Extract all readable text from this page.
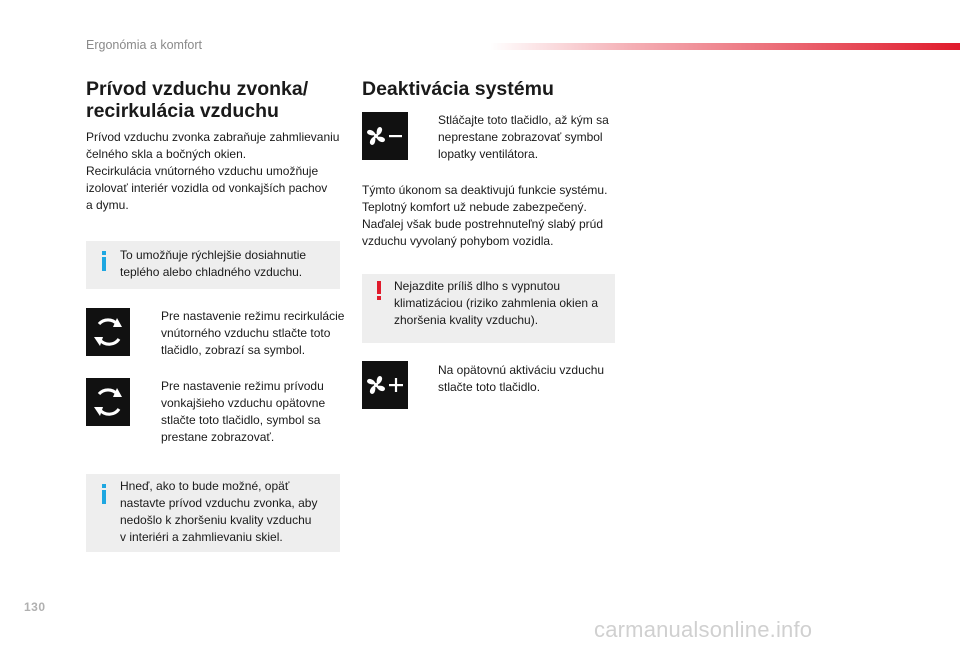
Ergonómia a komfort
Prívod vzduchu zvonka/
recirkulácia vzduchu
Prívod vzduchu zvonka zabraňuje zahmlievaniu
čelného skla a bočných okien.
Recirkulácia vnútorného vzduchu umožňuje
izolovať interiér vozidla od vonkajších pachov
a dymu.
To umožňuje rýchlejšie dosiahnutie
teplého alebo chladného vzduchu.
Pre nastavenie režimu recirkulácie
vnútorného vzduchu stlačte toto
tlačidlo, zobrazí sa symbol.
Pre nastavenie režimu prívodu
vonkajšieho vzduchu opätovne
stlačte toto tlačidlo, symbol sa
prestane zobrazovať.
Hneď, ako to bude možné, opäť
nastavte prívod vzduchu zvonka, aby
nedošlo k zhoršeniu kvality vzduchu
v interiéri a zahmlievaniu skiel.
Deaktivácia systému
Stláčajte toto tlačidlo, až kým sa
neprestane zobrazovať symbol
lopatky ventilátora.
Týmto úkonom sa deaktivujú funkcie systému.
Teplotný komfort už nebude zabezpečený.
Naďalej však bude postrehnuteľný slabý prúd
vzduchu vyvolaný pohybom vozidla.
Nejazdite príliš dlho s vypnutou
klimatizáciou (riziko zahmlenia okien a
zhoršenia kvality vzduchu).
Na opätovnú aktiváciu vzduchu
stlačte toto tlačidlo.
130
carmanualsonline.info
